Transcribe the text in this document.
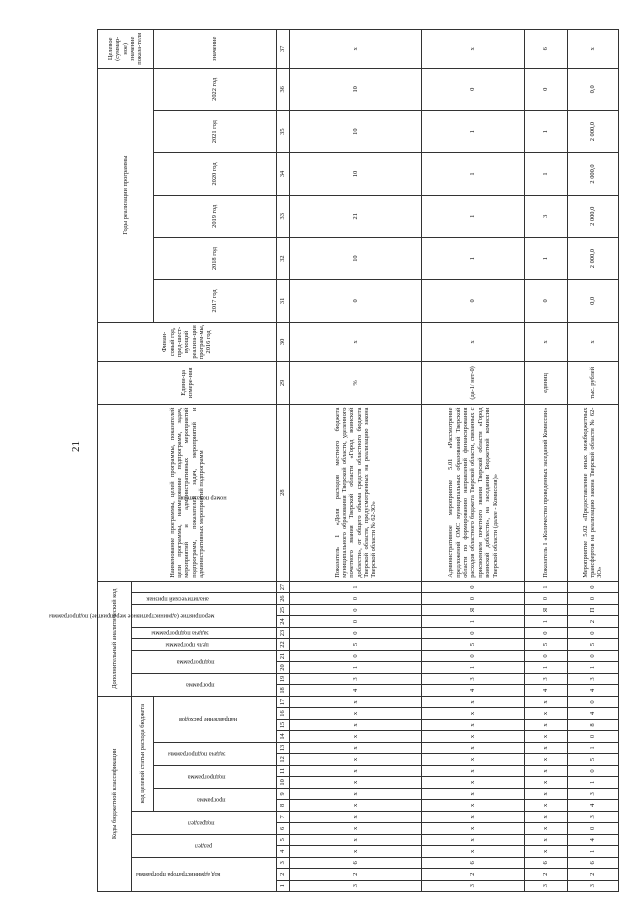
21
Коды бюджетной классификации																	Дополнительный аналитический код										Наименование программы, целей программы, показателей цели программы, наименование подпрограмм, задач, мероприятий и административных мероприятий подпрограмм, показателей задач, мероприятий и административных мероприятий подпрограмм	Едини-ца измере-ния	Финан-совый год, пред-шест-вующий реализа-ции програм-мы, 2016 год	Годы реализации программы						Целевое (суммар-ное) значение показа-теля

код администратора программы			раздел		подраздел		код целевой статьи расхода бюджета										программа		подпрограмма		цель программы	задача подпрограммы	мероприятие (административное мероприятие) подпрограммы		аналитический признак	номер показателя										

							программа		подпрограмма		задача подпрограммы		направление расходов																	2017 год	2018 год	2019 год	2020 год	2021 год	2022 год	значение
1	2	3	4	5	6	7	8	9	10	11	12	13	14	15	16	17	18	19	20	21	22	23	24	25	26	27	28	29	30	31	32	33	34	35	36	37
3	2	6	х	х	х	х	х	х	х	х	х	х	х	х	х	х	4	3	1	0	5	0	0	0	0	1	Показатель 1 «Доля расходов местного бюджета муниципального образования Тверской области, уделенного почетного звания Тверской области «Город воинской доблести», от общего объема средств областного бюджета Тверской области, предусмотренных на реализацию закона Тверской области № 62-ЗО»	%	х	0	10	21	10	10	10	х
3	2	6	х	х	х	х	х	х	х	х	х	х	х	х	х	х	4	3	1	0	5	0	1	Я	0	0	Административное мероприятие 5.01 «Рассмотрение предложений ОМС муниципальных образований Тверской области по формированию направлений финансирования расходов областного бюджета Тверской области, связанных с присвоением почетного звания Тверской области «Город воинской доблести», на заседании Бюджетной комиссии Тверской области (далее - Комиссия)»	(да-1/ нет-0)	х	0	1	1	1	1	0	х
3	2	6	х	х	х	х	х	х	х	х	х	х	х	х	х	х	4	3	1	0	5	0	1	Я	0	1	Показатель 1 «Количество проведенных заседаний Комиссии»	единиц	х	0	1	3	1	1	0	6
3	2	6	1	4	0	3	4	3	1	0	5	1	0	8	4	0	4	3	1	0	5	0	2	П	0	0	Мероприятие 5.02 «Предоставление иных межбюджетных трансфертов на реализацию закона Тверской области № 62-ЗО»	тыс. рублей	х	0,0	2 000,0	2 000,0	2 000,0	2 000,0	0,0	х
